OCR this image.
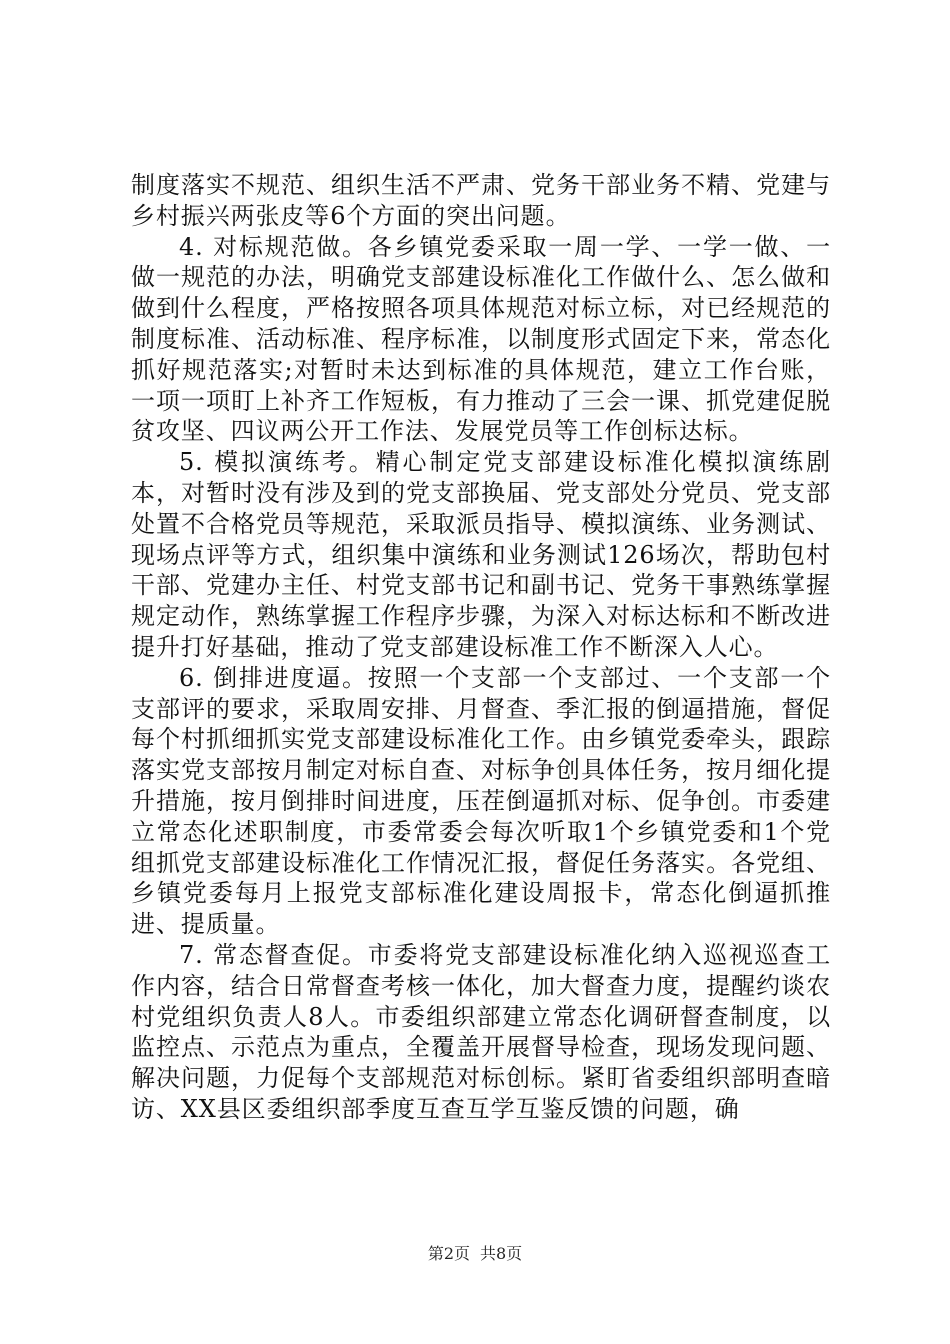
制度落实不规范、组织生活不严肃、党务干部业务不精、党建与乡村振兴两张皮等6个方面的突出问题。

4. 对标规范做。各乡镇党委采取一周一学、一学一做、一做一规范的办法，明确党支部建设标准化工作做什么、怎么做和做到什么程度，严格按照各项具体规范对标立标，对已经规范的制度标准、活动标准、程序标准，以制度形式固定下来，常态化抓好规范落实;对暂时未达到标准的具体规范，建立工作台账，一项一项盯上补齐工作短板，有力推动了三会一课、抓党建促脱贫攻坚、四议两公开工作法、发展党员等工作创标达标。

5. 模拟演练考。精心制定党支部建设标准化模拟演练剧本，对暂时没有涉及到的党支部换届、党支部处分党员、党支部处置不合格党员等规范，采取派员指导、模拟演练、业务测试、现场点评等方式，组织集中演练和业务测试126场次，帮助包村干部、党建办主任、村党支部书记和副书记、党务干事熟练掌握规定动作，熟练掌握工作程序步骤，为深入对标达标和不断改进提升打好基础，推动了党支部建设标准工作不断深入人心。

6. 倒排进度逼。按照一个支部一个支部过、一个支部一个支部评的要求，采取周安排、月督查、季汇报的倒逼措施，督促每个村抓细抓实党支部建设标准化工作。由乡镇党委牵头，跟踪落实党支部按月制定对标自查、对标争创具体任务，按月细化提升措施，按月倒排时间进度，压茬倒逼抓对标、促争创。市委建立常态化述职制度，市委常委会每次听取1个乡镇党委和1个党组抓党支部建设标准化工作情况汇报，督促任务落实。各党组、乡镇党委每月上报党支部标准化建设周报卡，常态化倒逼抓推进、提质量。

7. 常态督查促。市委将党支部建设标准化纳入巡视巡查工作内容，结合日常督查考核一体化，加大督查力度，提醒约谈农村党组织负责人8人。市委组织部建立常态化调研督查制度，以监控点、示范点为重点，全覆盖开展督导检查，现场发现问题、解决问题，力促每个支部规范对标创标。紧盯省委组织部明查暗访、XX县区委组织部季度互查互学互鉴反馈的问题，确

第2页 共8页
